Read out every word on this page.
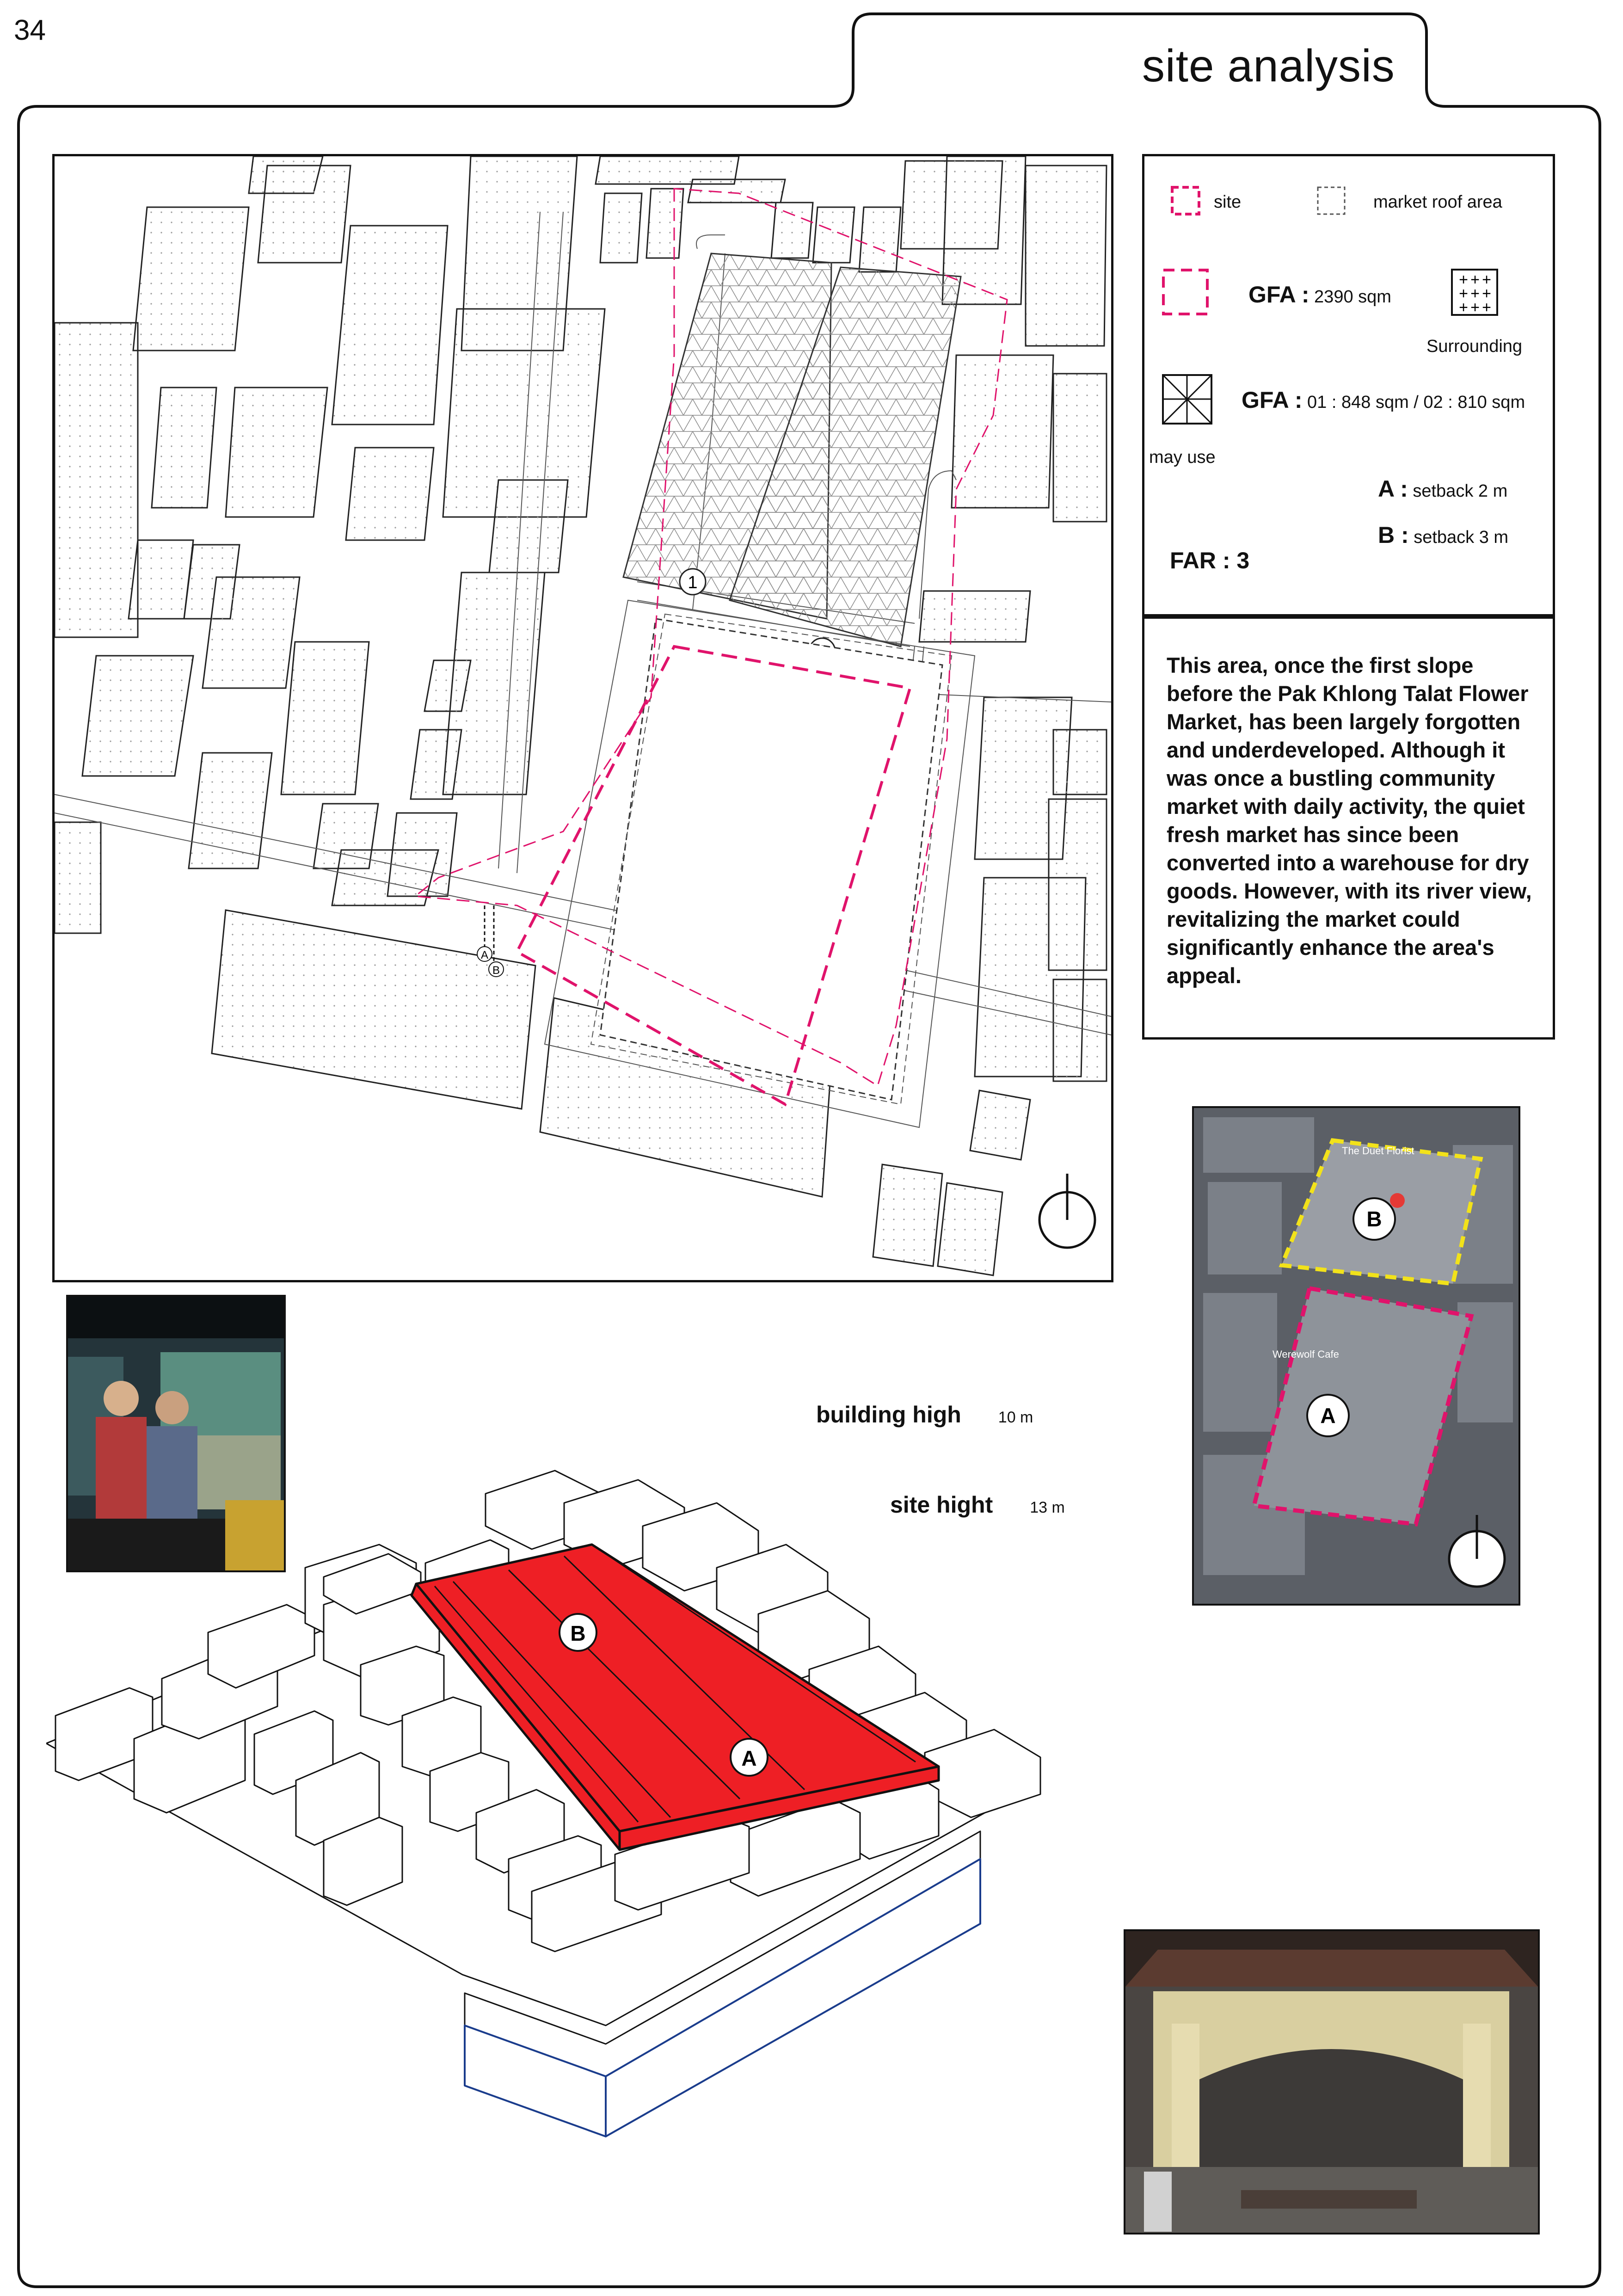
34
site analysis
1
A
B
site	market roof area
GFA : 2390 sqm
+ + +
+ + +
+ + +
Surrounding
GFA : 01 : 848 sqm / 02 : 810 sqm
may use
A : setback 2 m
B : setback 3 m
FAR : 3
This area, once the first slope before the Pak Khlong Talat Flower Market, has been largely forgotten and underdeveloped. Although it was once a bustling community market with daily activity, the quiet fresh market has since been converted into a warehouse for dry goods. However, with its river view, revitalizing the market could significantly enhance the area's appeal.
B
A
The Duet Florist
Werewolf Cafe
building high 10 m
site hight 13 m
B
A
